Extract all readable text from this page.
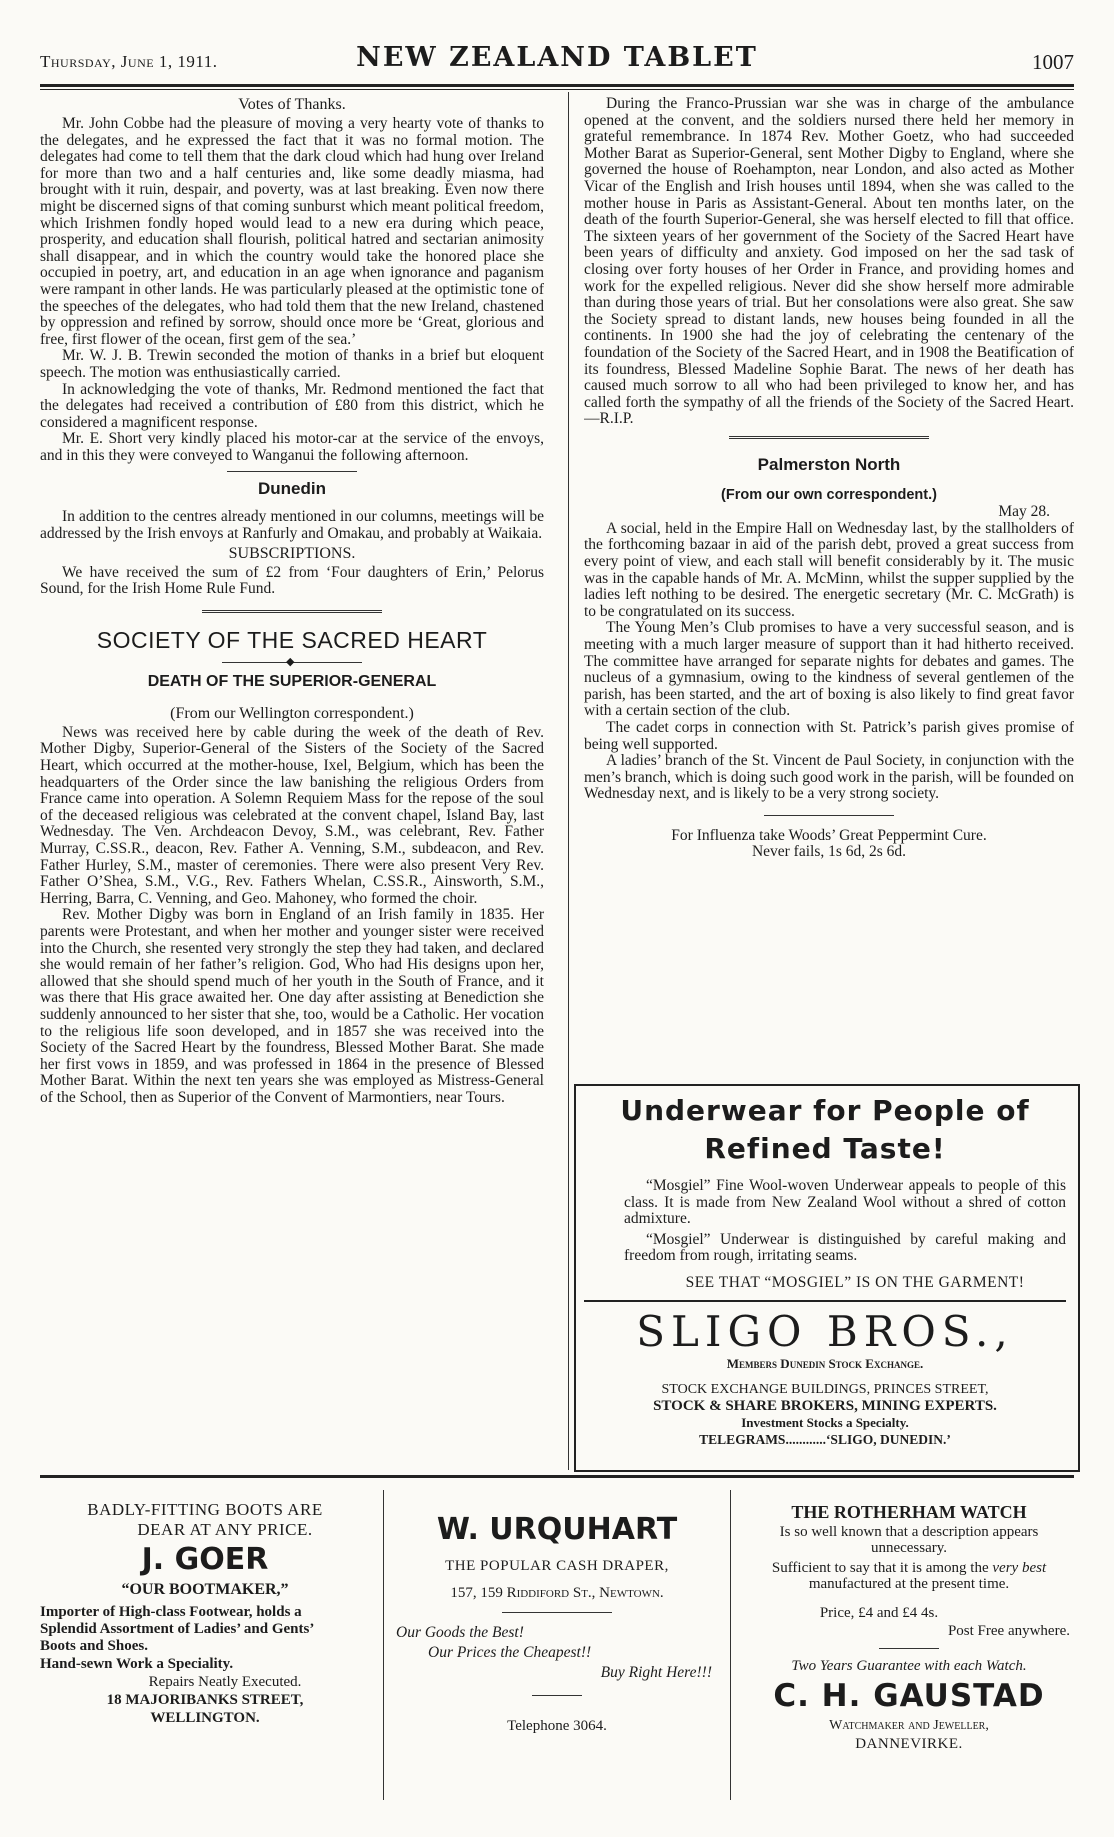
Thursday, June 1, 1911.	NEW ZEALAND TABLET	1007
Votes of Thanks.

Mr. John Cobbe had the pleasure of moving a very hearty vote of thanks to the delegates, and he expressed the fact that it was no formal motion. The delegates had come to tell them that the dark cloud which had hung over Ireland for more than two and a half centuries and, like some deadly miasma, had brought with it ruin, despair, and poverty, was at last breaking. Even now there might be discerned signs of that coming sunburst which meant political freedom, which Irishmen fondly hoped would lead to a new era during which peace, prosperity, and education shall flourish, political hatred and sectarian animosity shall disappear, and in which the country would take the honored place she occupied in poetry, art, and education in an age when ignorance and paganism were rampant in other lands. He was particularly pleased at the optimistic tone of the speeches of the delegates, who had told them that the new Ireland, chastened by oppression and refined by sorrow, should once more be ‘Great, glorious and free, first flower of the ocean, first gem of the sea.’

Mr. W. J. B. Trewin seconded the motion of thanks in a brief but eloquent speech. The motion was enthusiastically carried.

In acknowledging the vote of thanks, Mr. Redmond mentioned the fact that the delegates had received a contribution of £80 from this district, which he considered a magnificent response.

Mr. E. Short very kindly placed his motor-car at the service of the envoys, and in this they were conveyed to Wanganui the following afternoon.

Dunedin

In addition to the centres already mentioned in our columns, meetings will be addressed by the Irish envoys at Ranfurly and Omakau, and probably at Waikaia.

SUBSCRIPTIONS.

We have received the sum of £2 from ‘Four daughters of Erin,’ Pelorus Sound, for the Irish Home Rule Fund.

SOCIETY OF THE SACRED HEART
◆
DEATH OF THE SUPERIOR-GENERAL
(From our Wellington correspondent.)

News was received here by cable during the week of the death of Rev. Mother Digby, Superior-General of the Sisters of the Society of the Sacred Heart, which occurred at the mother-house, Ixel, Belgium, which has been the headquarters of the Order since the law banishing the religious Orders from France came into operation. A Solemn Requiem Mass for the repose of the soul of the deceased religious was celebrated at the convent chapel, Island Bay, last Wednesday. The Ven. Archdeacon Devoy, S.M., was celebrant, Rev. Father Murray, C.SS.R., deacon, Rev. Father A. Venning, S.M., subdeacon, and Rev. Father Hurley, S.M., master of ceremonies. There were also present Very Rev. Father O’Shea, S.M., V.G., Rev. Fathers Whelan, C.SS.R., Ainsworth, S.M., Herring, Barra, C. Venning, and Geo. Mahoney, who formed the choir.

Rev. Mother Digby was born in England of an Irish family in 1835. Her parents were Protestant, and when her mother and younger sister were received into the Church, she resented very strongly the step they had taken, and declared she would remain of her father’s religion. God, Who had His designs upon her, allowed that she should spend much of her youth in the South of France, and it was there that His grace awaited her. One day after assisting at Benediction she suddenly announced to her sister that she, too, would be a Catholic. Her vocation to the religious life soon developed, and in 1857 she was received into the Society of the Sacred Heart by the foundress, Blessed Mother Barat. She made her first vows in 1859, and was professed in 1864 in the presence of Blessed Mother Barat. Within the next ten years she was employed as Mistress-General of the School, then as Superior of the Convent of Marmontiers, near Tours.

During the Franco-Prussian war she was in charge of the ambulance opened at the convent, and the soldiers nursed there held her memory in grateful remembrance. In 1874 Rev. Mother Goetz, who had succeeded Mother Barat as Superior-General, sent Mother Digby to England, where she governed the house of Roehampton, near London, and also acted as Mother Vicar of the English and Irish houses until 1894, when she was called to the mother house in Paris as Assistant-General. About ten months later, on the death of the fourth Superior-General, she was herself elected to fill that office. The sixteen years of her government of the Society of the Sacred Heart have been years of difficulty and anxiety. God imposed on her the sad task of closing over forty houses of her Order in France, and providing homes and work for the expelled religious. Never did she show herself more admirable than during those years of trial. But her consolations were also great. She saw the Society spread to distant lands, new houses being founded in all the continents. In 1900 she had the joy of celebrating the centenary of the foundation of the Society of the Sacred Heart, and in 1908 the Beatification of its foundress, Blessed Madeline Sophie Barat. The news of her death has caused much sorrow to all who had been privileged to know her, and has called forth the sympathy of all the friends of the Society of the Sacred Heart.—R.I.P.

Palmerston North
(From our own correspondent.)
May 28.

A social, held in the Empire Hall on Wednesday last, by the stallholders of the forthcoming bazaar in aid of the parish debt, proved a great success from every point of view, and each stall will benefit considerably by it. The music was in the capable hands of Mr. A. McMinn, whilst the supper supplied by the ladies left nothing to be desired. The energetic secretary (Mr. C. McGrath) is to be congratulated on its success.

The Young Men’s Club promises to have a very successful season, and is meeting with a much larger measure of support than it had hitherto received. The committee have arranged for separate nights for debates and games. The nucleus of a gymnasium, owing to the kindness of several gentlemen of the parish, has been started, and the art of boxing is also likely to find great favor with a certain section of the club.

The cadet corps in connection with St. Patrick’s parish gives promise of being well supported.

A ladies’ branch of the St. Vincent de Paul Society, in conjunction with the men’s branch, which is doing such good work in the parish, will be founded on Wednesday next, and is likely to be a very strong society.

For Influenza take Woods’ Great Peppermint Cure.
Never fails, 1s 6d, 2s 6d.
Underwear for People of Refined Taste!

“Mosgiel” Fine Wool-woven Underwear appeals to people of this class. It is made from New Zealand Wool without a shred of cotton admixture.

“Mosgiel” Underwear is distinguished by careful making and freedom from rough, irritating seams.

SEE THAT “MOSGIEL” IS ON THE GARMENT!

SLIGO BROS.,
Members Dunedin Stock Exchange.
STOCK EXCHANGE BUILDINGS, PRINCES STREET,
STOCK & SHARE BROKERS, MINING EXPERTS.
Investment Stocks a Specialty.
TELEGRAMS............‘SLIGO, DUNEDIN.’
BADLY-FITTING BOOTS ARE
DEAR AT ANY PRICE.
J. GOER
“OUR BOOTMAKER,”

Importer of High-class Footwear, holds a Splendid Assortment of Ladies’ and Gents’ Boots and Shoes.

Hand-sewn Work a Speciality.

Repairs Neatly Executed.

18 MAJORIBANKS STREET,
WELLINGTON.
W. URQUHART
THE POPULAR CASH DRAPER,
157, 159 Riddiford St., Newtown.
Our Goods the Best!
Our Prices the Cheapest!!
Buy Right Here!!!
Telephone 3064.
THE ROTHERHAM WATCH

Is so well known that a description appears unnecessary.

Sufficient to say that it is among the very best manufactured at the present time.

Price, £4 and £4 4s.
Post Free anywhere.
Two Years Guarantee with each Watch.
C. H. GAUSTAD
Watchmaker and Jeweller,
DANNEVIRKE.
